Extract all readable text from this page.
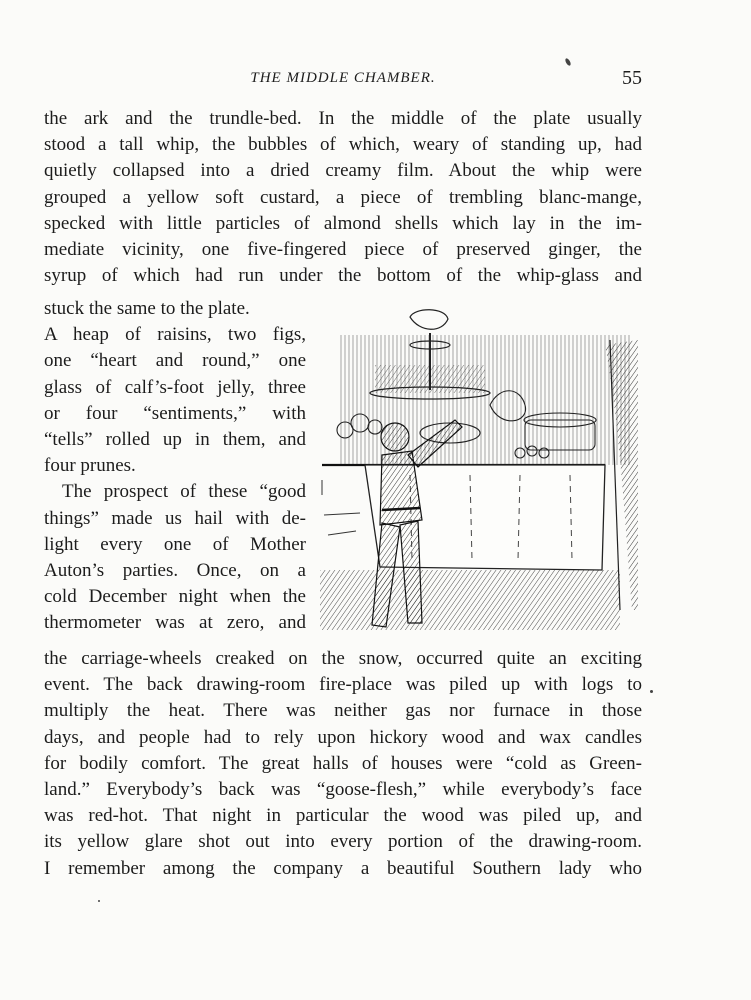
THE MIDDLE CHAMBER.	55
the ark and the trundle-bed. In the middle of the plate usually
stood a tall whip, the bubbles of which, weary of standing up, had
quietly collapsed into a dried creamy film. About the whip were
grouped a yellow soft custard, a piece of trembling blanc-mange,
specked with little particles of almond shells which lay in the im-
mediate vicinity, one five-fingered piece of preserved ginger, the
syrup of which had run under the bottom of the whip-glass and
stuck the same to the plate.
A heap of raisins, two figs,
one “heart and round,” one
glass of calf’s-foot jelly, three
or four “sentiments,” with
“tells” rolled up in them, and
four prunes.
The prospect of these “good
things” made us hail with de-
light every one of Mother
Auton’s parties. Once, on a
cold December night when the
thermometer was at zero, and
the carriage-wheels creaked on the snow, occurred quite an exciting
event. The back drawing-room fire-place was piled up with logs to
multiply the heat. There was neither gas nor furnace in those
days, and people had to rely upon hickory wood and wax candles
for bodily comfort. The great halls of houses were “cold as Green-
land.” Everybody’s back was “goose-flesh,” while everybody’s face
was red-hot. That night in particular the wood was piled up, and
its yellow glare shot out into every portion of the drawing-room.
I remember among the company a beautiful Southern lady who
